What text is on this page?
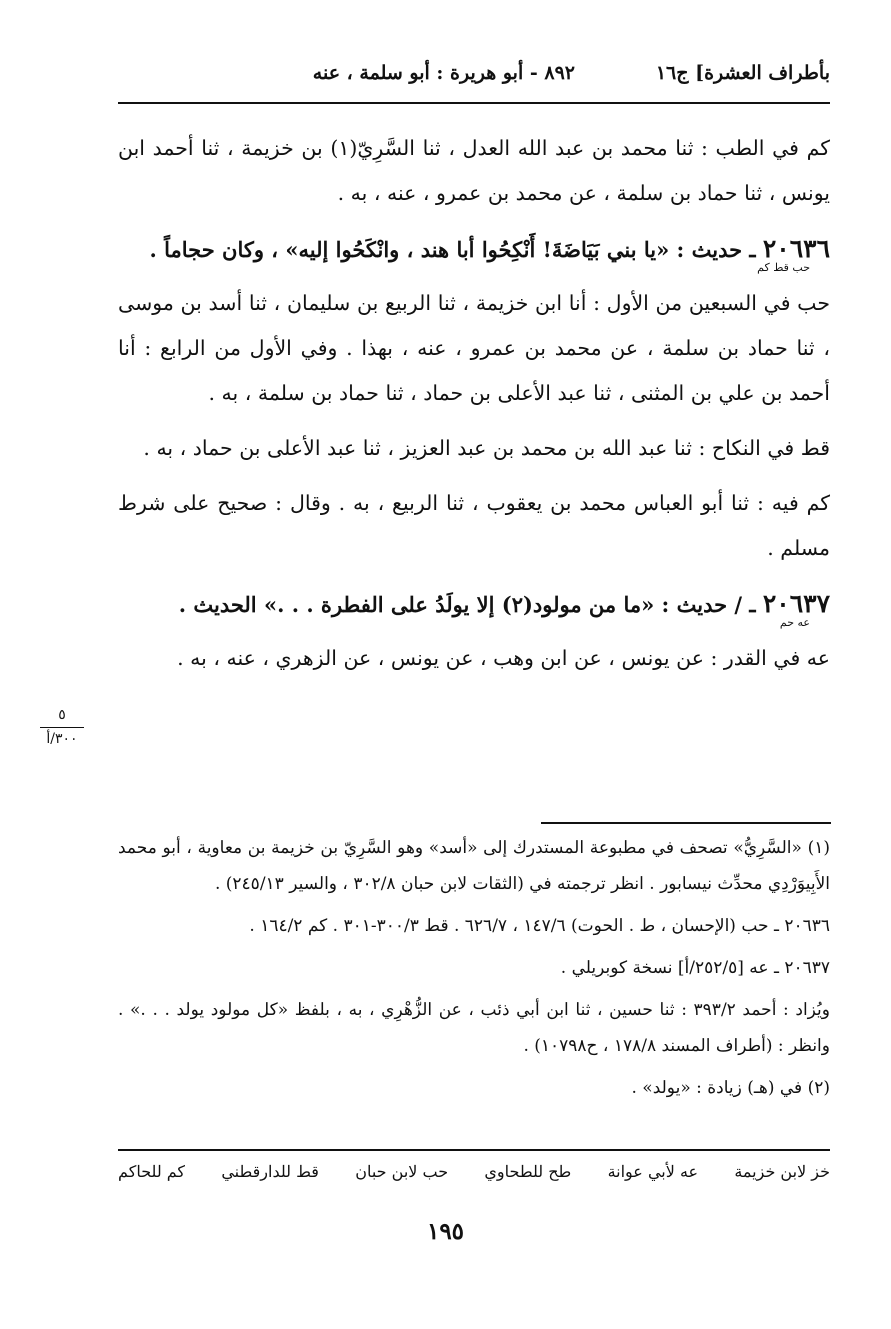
بأطراف العشرة] ج١٦
٨٩٢ - أبو هريرة : أبو سلمة ، عنه

كم في الطب : ثنا محمد بن عبد الله العدل ، ثنا السَّرِيّ(١) بن خزيمة ، ثنا أحمد ابن يونس ، ثنا حماد بن سلمة ، عن محمد بن عمرو ، عنه ، به .

٢٠٦٣٦ ـ حديث : «يا بني بَيَاضَةَ! أَنْكِحُوا أبا هند ، وانْكَحُوا إليه» ، وكان حجاماً .
حب قط كم

حب في السبعين من الأول : أنا ابن خزيمة ، ثنا الربيع بن سليمان ، ثنا أسد بن موسى ، ثنا حماد بن سلمة ، عن محمد بن عمرو ، عنه ، بهذا . وفي الأول من الرابع : أنا أحمد بن علي بن المثنى ، ثنا عبد الأعلى بن حماد ، ثنا حماد بن سلمة ، به .

قط في النكاح : ثنا عبد الله بن محمد بن عبد العزيز ، ثنا عبد الأعلى بن حماد ، به .

كم فيه : ثنا أبو العباس محمد بن يعقوب ، ثنا الربيع ، به . وقال : صحيح على شرط مسلم .

٢٠٦٣٧ ـ / حديث : «ما من مولود(٢) إلا يولَدُ على الفطرة . . .» الحديث .
عه حم

عه في القدر : عن يونس ، عن ابن وهب ، عن يونس ، عن الزهري ، عنه ، به .

٥
٣٠٠/أ

(١) «السَّرِيُّ» تصحف في مطبوعة المستدرك إلى «أسد» وهو السَّرِيّ بن خزيمة بن معاوية ، أبو محمد الأَبِيوَرْدِي محدِّث نيسابور . انظر ترجمته في (الثقات لابن حبان ٣٠٢/٨ ، والسير ٢٤٥/١٣) .

٢٠٦٣٦ ـ حب (الإحسان ، ط . الحوت) ١٤٧/٦ ، ٦٢٦/٧ . قط ٣٠٠/٣-٣٠١ . كم ١٦٤/٢ .

٢٠٦٣٧ ـ عه [٢٥٢/٥/أ] نسخة كوبريلي .

ويُزاد : أحمد ٣٩٣/٢ : ثنا حسين ، ثنا ابن أبي ذئب ، عن الزُّهْرِي ، به ، بلفظ «كل مولود يولد . . .» . وانظر : (أطراف المسند ١٧٨/٨ ، ح١٠٧٩٨) .

(٢) في (هـ) زيادة : «يولد» .

خز لابن خزيمة
عه لأبي عوانة
طح للطحاوي
حب لابن حبان
قط للدارقطني
كم للحاكم
١٩٥
